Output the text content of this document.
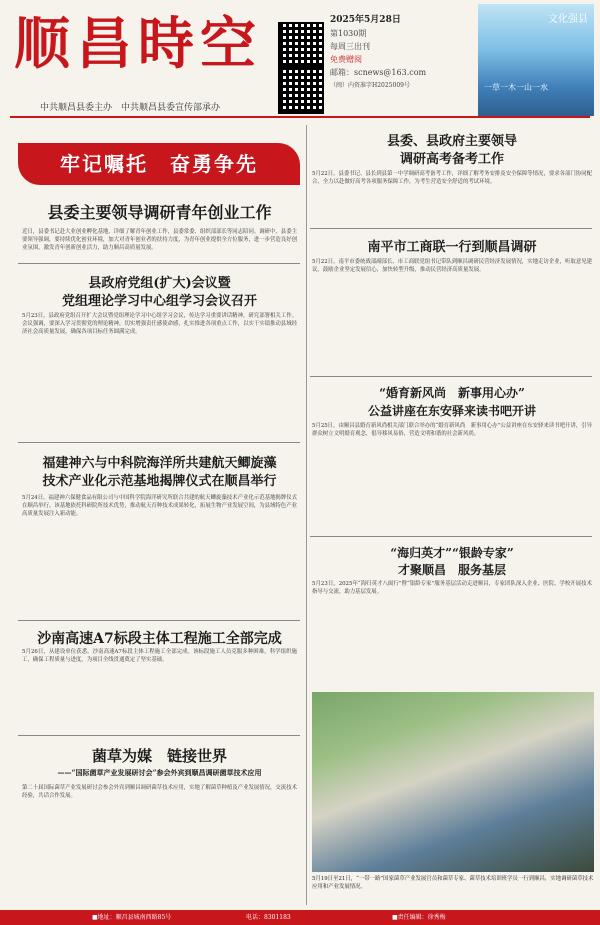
顺昌時空
中共顺昌县委主办　中共顺昌县委宣传部承办
2025年5月28日
第1030期
每周三出刊
免费赠阅
邮箱：scnews@163.com
（闽）内资准字H2025009号
文化强县
一草一木一山一水
牢记嘱托　奋勇争先
县委主要领导调研青年创业工作
近日，县委书记赴大业创业孵化基地，详细了解青年创业工作，县委常委、组织部部长等同志陪同。调研中，县委主要领导强调，要持续优化创业环境，加大对青年创业者的扶持力度，为青年创业提供全方位服务，进一步营造良好创业氛围，激发青年创新创业活力，助力顺昌高质量发展。
县政府党组(扩大)会议暨
党组理论学习中心组学习会议召开
5月23日，县政府党组召开扩大会议暨党组理论学习中心组学习会议，传达学习重要讲话精神，研究部署相关工作。会议强调，要深入学习贯彻党的理论精神，切实增强责任感使命感，扎实推进各项重点工作，以实干实绩推动县域经济社会高质量发展，确保各项目标任务圆满完成。
福建神六与中科院海洋所共建航天鲫旋藻
技术产业化示范基地揭牌仪式在顺昌举行
5月24日，福建神六保健食品有限公司与中国科学院海洋研究所联合共建的航天鲫旋藻技术产业化示范基地揭牌仪式在顺昌举行。该基地依托科研院所技术优势，推动航天育种技术成果转化，拓展生物产业发展空间，为县域特色产业高质量发展注入新动能。
沙南高速A7标段主体工程施工全部完成
5月26日，从建设单位获悉，沙南高速A7标段主体工程施工全部完成。该标段施工人员克服多种困难，科学组织施工，确保工程质量与进度，为项目全线贯通奠定了坚实基础。
菌草为媒　链接世界
——“国际菌草产业发展研讨会”参会外宾到顺昌调研菌草技术应用
第二十届国际菌草产业发展研讨会参会外宾到顺昌调研菌草技术应用，实地了解菌草种植及产业发展情况，交流技术经验，共话合作发展。
县委、县政府主要领导
调研高考备考工作
5月22日，县委书记、县长到县第一中学调研高考备考工作，详细了解考务安排及安全保障等情况，要求各部门协同配合，全力以赴做好高考各项服务保障工作，为考生营造安全舒适的考试环境。
南平市工商联一行到顺昌调研
5月22日，南平市委统战部副部长、市工商联党组书记带队到顺昌调研民营经济发展情况，实地走访企业，听取意见建议，鼓励企业坚定发展信心，加快转型升级，推动民营经济高质量发展。
“婚育新风尚　新事用心办”
公益讲座在东安驿来读书吧开讲
5月25日，由顺昌县婚育新风尚相关部门联合举办的“婚育新风尚　新事用心办”公益讲座在东安驿来读书吧开讲，引导群众树立文明婚育观念，倡导移风易俗，营造文明和谐的社会新风尚。
“海归英才”“银龄专家”
才聚顺昌　服务基层
5月23日，2025年“海归英才八闽行”暨“银龄专家”服务基层活动走进顺昌，专家团队深入企业、医院、学校开展技术指导与交流，助力基层发展。
5月19日至21日，“一带一路”国家菌草产业发展官员和菌草专家、菌草技术培训班学员一行到顺昌，实地调研菌草技术应用和产业发展情况。
■地址：顺昌县城南西路85号	电话：8301183	■责任编辑：徐秀梅
